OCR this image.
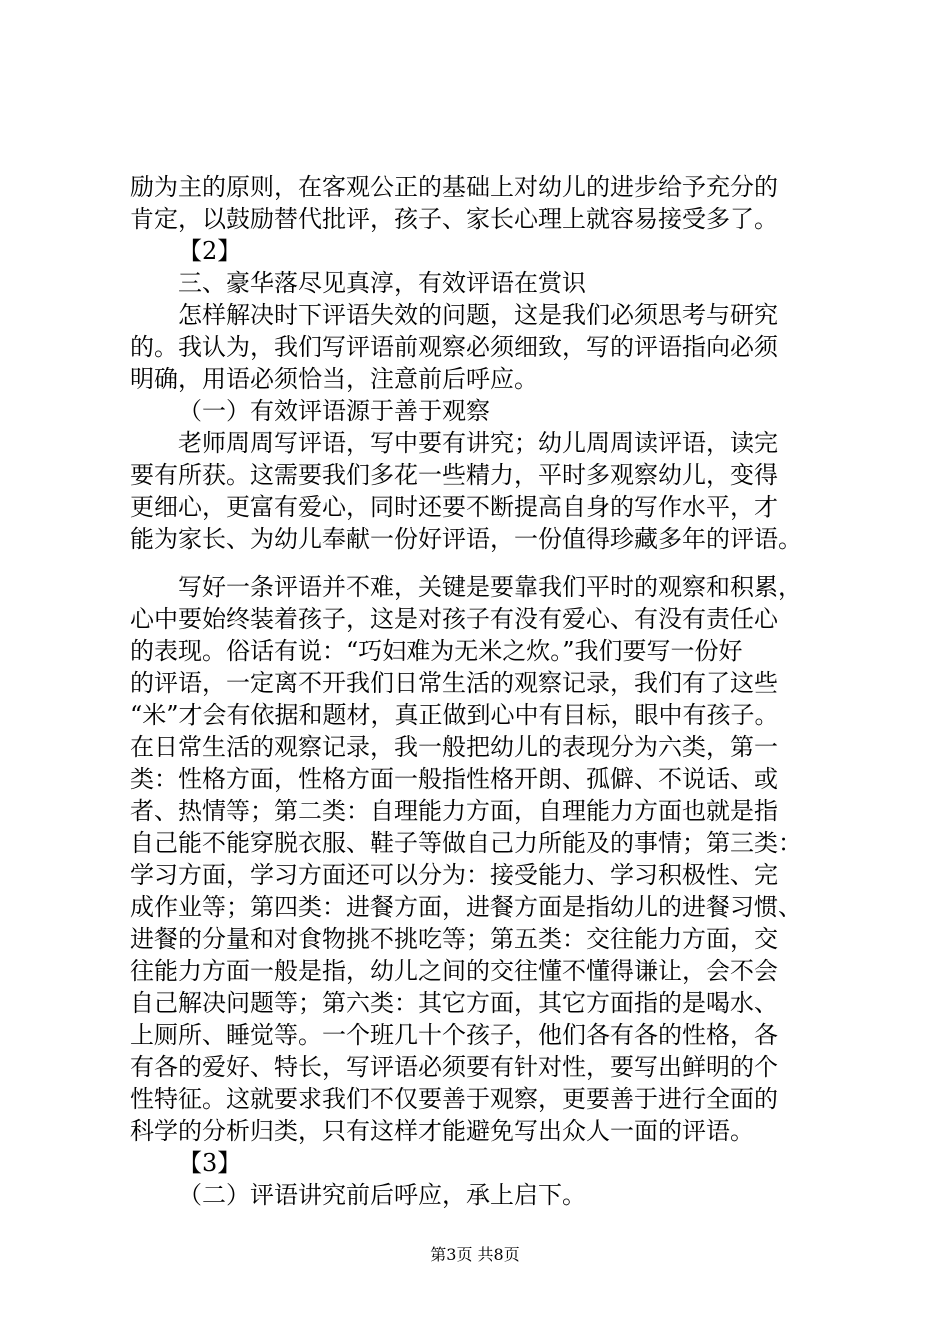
励为主的原则，在客观公正的基础上对幼儿的进步给予充分的
肯定，以鼓励替代批评，孩子、家长心理上就容易接受多了。
【2】
三、豪华落尽见真淳，有效评语在赏识
怎样解决时下评语失效的问题，这是我们必须思考与研究
的。我认为，我们写评语前观察必须细致，写的评语指向必须
明确，用语必须恰当，注意前后呼应。
（一）有效评语源于善于观察
老师周周写评语，写中要有讲究；幼儿周周读评语，读完
要有所获。这需要我们多花一些精力，平时多观察幼儿，变得
更细心，更富有爱心，同时还要不断提高自身的写作水平，才
能为家长、为幼儿奉献一份好评语，一份值得珍藏多年的评语。
写好一条评语并不难，关键是要靠我们平时的观察和积累，
心中要始终装着孩子，这是对孩子有没有爱心、有没有责任心
的表现。俗话有说：“巧妇难为无米之炊。”我们要写一份好
的评语，一定离不开我们日常生活的观察记录，我们有了这些
“米”才会有依据和题材，真正做到心中有目标，眼中有孩子。
在日常生活的观察记录，我一般把幼儿的表现分为六类，第一
类：性格方面，性格方面一般指性格开朗、孤僻、不说话、或
者、热情等；第二类：自理能力方面，自理能力方面也就是指
自己能不能穿脱衣服、鞋子等做自己力所能及的事情；第三类：
学习方面，学习方面还可以分为：接受能力、学习积极性、完
成作业等；第四类：进餐方面，进餐方面是指幼儿的进餐习惯、
进餐的分量和对食物挑不挑吃等；第五类：交往能力方面，交
往能力方面一般是指，幼儿之间的交往懂不懂得谦让，会不会
自己解决问题等；第六类：其它方面，其它方面指的是喝水、
上厕所、睡觉等。一个班几十个孩子，他们各有各的性格，各
有各的爱好、特长，写评语必须要有针对性，要写出鲜明的个
性特征。这就要求我们不仅要善于观察，更要善于进行全面的
科学的分析归类，只有这样才能避免写出众人一面的评语。
【3】
（二）评语讲究前后呼应，承上启下。
第3页 共8页
